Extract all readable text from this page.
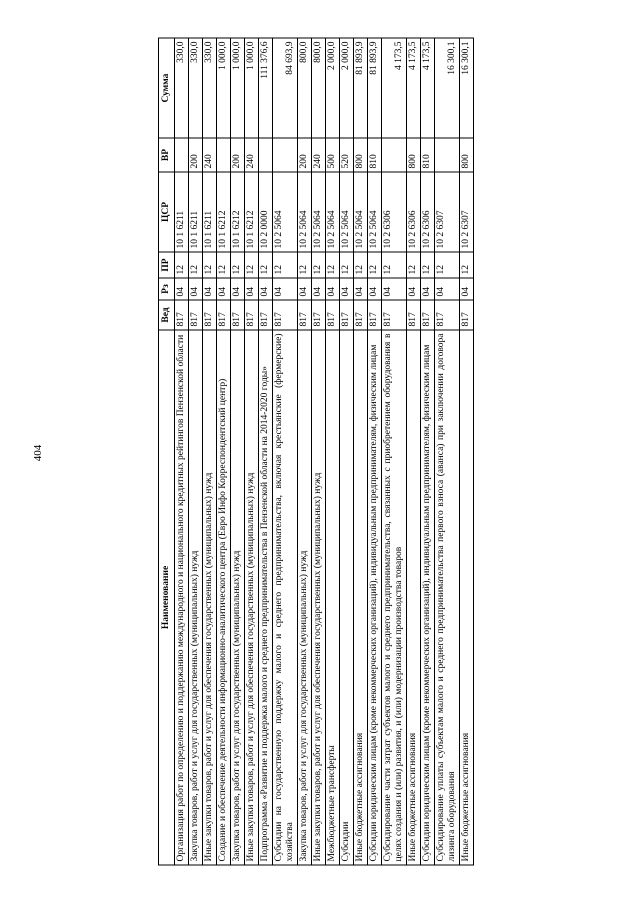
404
Наименование	Вед	Рз	ПР	ЦСР	ВР	Сумма
Организация работ по определению и поддержанию международного и национального кредитных рейтингов Пензенской области	817	04	12	10 1 6211		330,0
Закупка товаров, работ и услуг для государственных (муниципальных) нужд	817	04	12	10 1 6211	200	330,0
Иные закупки товаров, работ и услуг для обеспечения государственных (муниципальных) нужд	817	04	12	10 1 6211	240	330,0
Создание и обеспечение деятельности информационно-аналитического центра (Евро Инфо Корреспондентский центр)	817	04	12	10 1 6212		1 000,0
Закупка товаров, работ и услуг для государственных (муниципальных) нужд	817	04	12	10 1 6212	200	1 000,0
Иные закупки товаров, работ и услуг для обеспечения государственных (муниципальных) нужд	817	04	12	10 1 6212	240	1 000,0
Подпрограмма «Развитие и поддержка малого и среднего предпринимательства в Пензенской области на 2014-2020 годы»	817	04	12	10 2 0000		111 376,6
Субсидии на государственную поддержку малого и среднего предпринимательства, включая крестьянские (фермерские) хозяйства	817	04	12	10 2 5064		84 693,9
Закупка товаров, работ и услуг для государственных (муниципальных) нужд	817	04	12	10 2 5064	200	800,0
Иные закупки товаров, работ и услуг для обеспечения государственных (муниципальных) нужд	817	04	12	10 2 5064	240	800,0
Межбюджетные трансферты	817	04	12	10 2 5064	500	2 000,0
Субсидии	817	04	12	10 2 5064	520	2 000,0
Иные бюджетные ассигнования	817	04	12	10 2 5064	800	81 893,9
Субсидии юридическим лицам (кроме некоммерческих организаций), индивидуальным предпринимателям, физическим лицам	817	04	12	10 2 5064	810	81 893,9
Субсидирование части затрат субъектов малого и среднего предпринимательства, связанных с приобретением оборудования в целях создания и (или) развития, и (или) модернизации производства товаров	817	04	12	10 2 6306		4 173,5
Иные бюджетные ассигнования	817	04	12	10 2 6306	800	4 173,5
Субсидии юридическим лицам (кроме некоммерческих организаций), индивидуальным предпринимателям, физическим лицам	817	04	12	10 2 6306	810	4 173,5
Субсидирование уплаты субъектам малого и среднего предпринимательства первого взноса (аванса) при заключении договора лизинга оборудования	817	04	12	10 2 6307		16 300,1
Иные бюджетные ассигнования	817	04	12	10 2 6307	800	16 300,1
